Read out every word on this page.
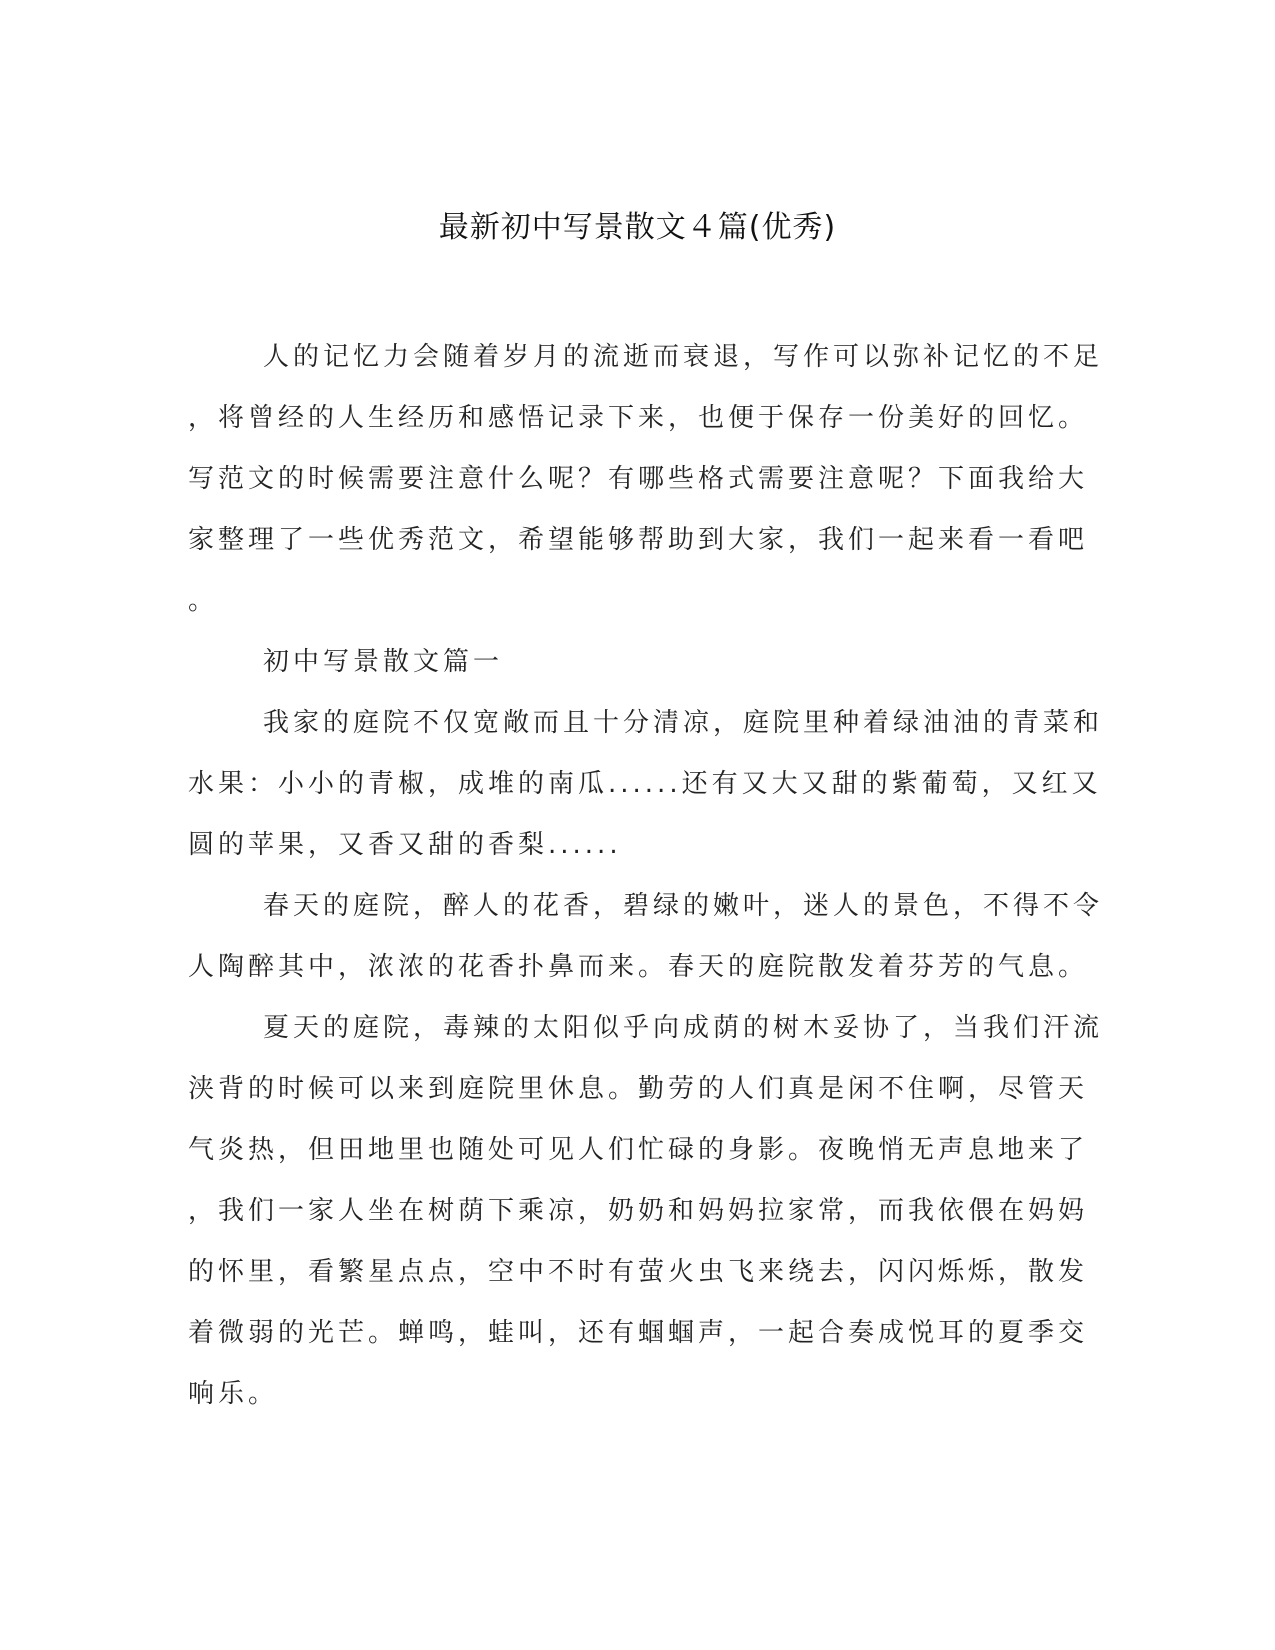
最新初中写景散文４篇(优秀)

人的记忆力会随着岁月的流逝而衰退，写作可以弥补记忆的不足
，将曾经的人生经历和感悟记录下来，也便于保存一份美好的回忆。
写范文的时候需要注意什么呢？有哪些格式需要注意呢？下面我给大
家整理了一些优秀范文，希望能够帮助到大家，我们一起来看一看吧
。

初中写景散文篇一

我家的庭院不仅宽敞而且十分清凉，庭院里种着绿油油的青菜和
水果：小小的青椒，成堆的南瓜......还有又大又甜的紫葡萄，又红又
圆的苹果，又香又甜的香梨......

春天的庭院，醉人的花香，碧绿的嫩叶，迷人的景色，不得不令
人陶醉其中，浓浓的花香扑鼻而来。春天的庭院散发着芬芳的气息。

夏天的庭院，毒辣的太阳似乎向成荫的树木妥协了，当我们汗流
浃背的时候可以来到庭院里休息。勤劳的人们真是闲不住啊，尽管天
气炎热，但田地里也随处可见人们忙碌的身影。夜晚悄无声息地来了
，我们一家人坐在树荫下乘凉，奶奶和妈妈拉家常，而我依偎在妈妈
的怀里，看繁星点点，空中不时有萤火虫飞来绕去，闪闪烁烁，散发
着微弱的光芒。蝉鸣，蛙叫，还有蝈蝈声，一起合奏成悦耳的夏季交
响乐。
